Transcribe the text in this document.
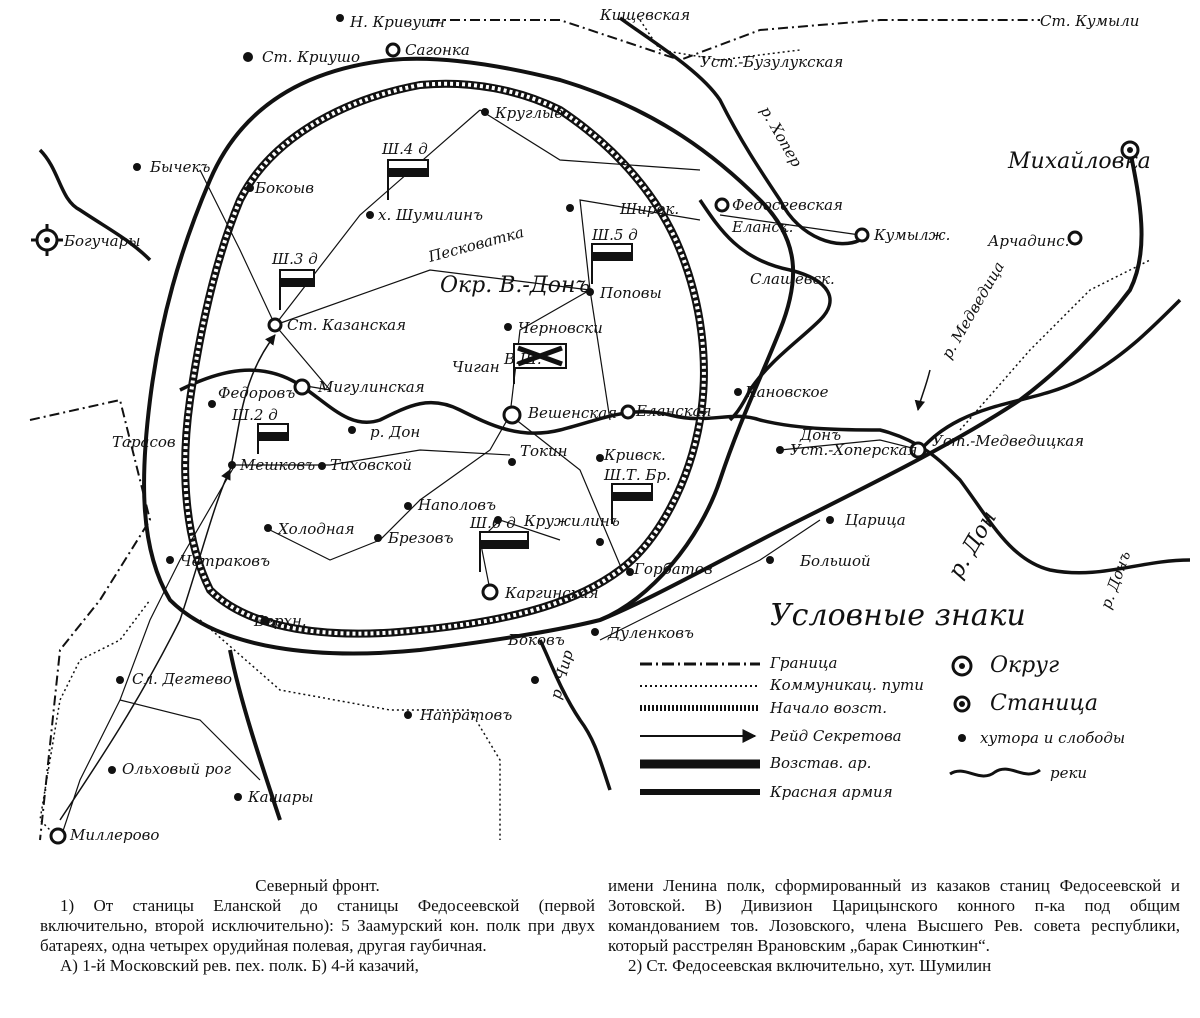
Условные знаки
Граница
Коммуникац. пути
Начало возст.
Рейд Секретова
Возстав. ар.
Красная армия
Округ
Станица
хутора и слободы
реки
Окр. В.-Донъ
Н. Кривушн
Ст. Криушо	Сагонка
Круглые
Уст.-Бузулукская
Кищевская	Ст. Кумыли
Михайловка
Бычекъ
Бокоыв
Богучары
х. Шумилинъ
Федосеевская
Еланск.
Широк.
Кумылж.
Слащевск.
Арчадинс.
Поповы
Ст. Казанская	Черновски
Мигулинская
Чиган
Вешенская Еланская
Кановское
Федоровъ
Тарасов
Мешковъ Тиховской
Токин Кривск.	Уст.-Хоперская Уст.-Медведицкая
Наполовъ
Кружилинъ
Холодная Брезовъ
Каргинская
Царица
Большой
Горбатов
Четраковъ
Верхн.
Боковъ	Дуленковъ
Сл. Дегтево
Ольховый рог
Напратовъ
Кашары
Миллерово
р. Дон
р. Дон	р. Донъ
Донъ
р. Чир
р. Медведица
р. Хопер
Песковатка
Ш.4 д
Ш.3 д
Ш.5 д
Ш.2 д
В.Ш.
Ш.Т. Бр.
Ш.6 д

Северный фронт.

1) От станицы Еланской до станицы Федосеевской (первой включительно, второй исключительно): 5 Заамурский кон. полк при двух батареях, одна четырех орудийная полевая, другая гаубичная.

А) 1-й Московский рев. пех. полк. Б) 4-й казачий,

имени Ленина полк, сформированный из казаков станиц Федосеевской и Зотовской. В) Дивизион Царицынского конного п-ка под общим командованием тов. Лозовского, члена Высшего Рев. совета республики, который расстрелян Врановским „барак Синюткин“.

2) Ст. Федосеевская включительно, хут. Шумилин
